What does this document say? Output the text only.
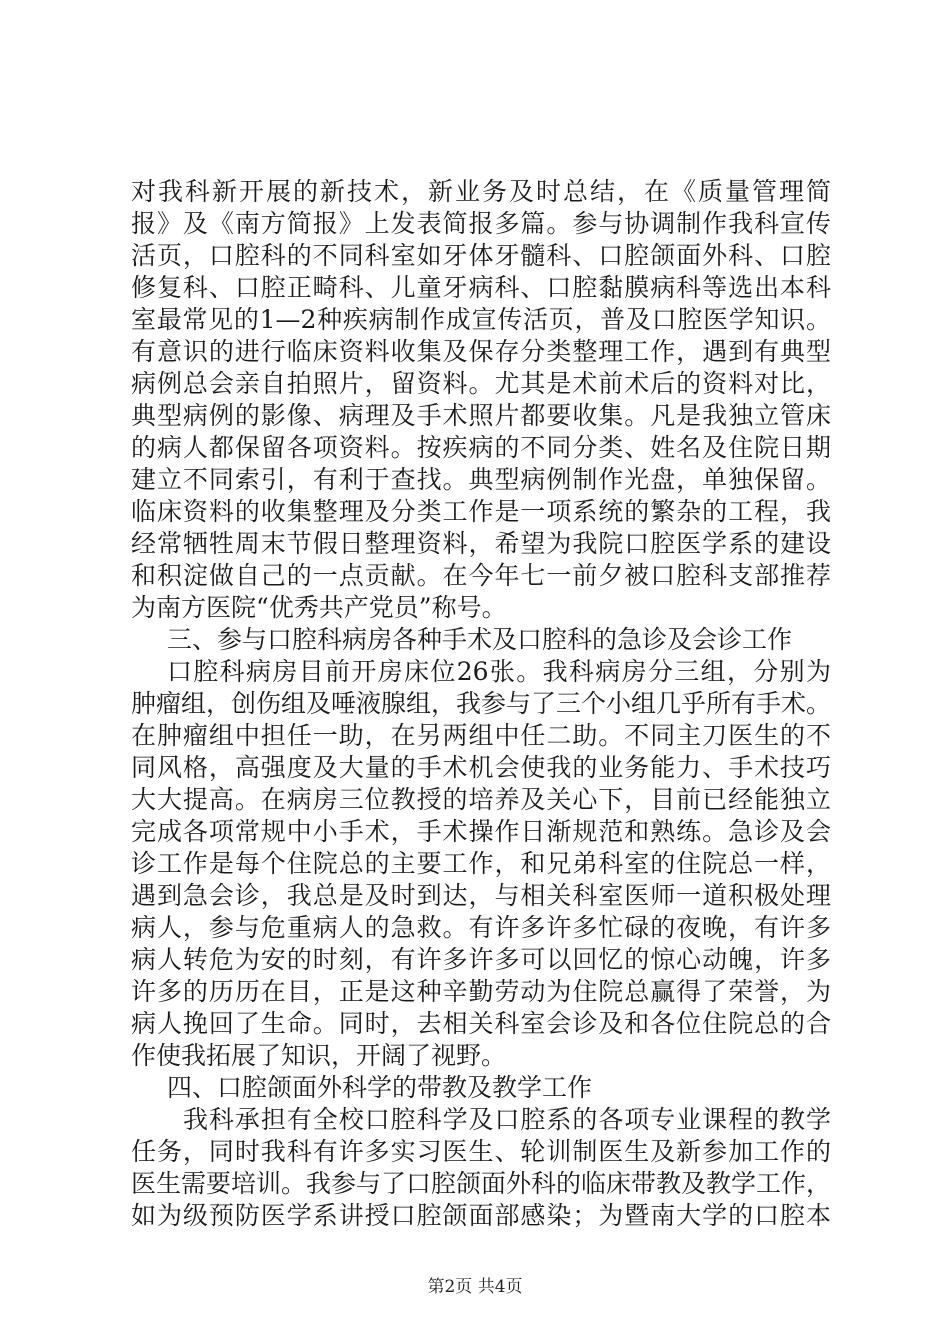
对我科新开展的新技术，新业务及时总结，在《质量管理简
报》及《南方简报》上发表简报多篇。参与协调制作我科宣传
活页，口腔科的不同科室如牙体牙髓科、口腔颌面外科、口腔
修复科、口腔正畸科、儿童牙病科、口腔黏膜病科等选出本科
室最常见的1—2种疾病制作成宣传活页，普及口腔医学知识。
有意识的进行临床资料收集及保存分类整理工作，遇到有典型
病例总会亲自拍照片，留资料。尤其是术前术后的资料对比，
典型病例的影像、病理及手术照片都要收集。凡是我独立管床
的病人都保留各项资料。按疾病的不同分类、姓名及住院日期
建立不同索引，有利于查找。典型病例制作光盘，单独保留。
临床资料的收集整理及分类工作是一项系统的繁杂的工程，我
经常牺牲周末节假日整理资料，希望为我院口腔医学系的建设
和积淀做自己的一点贡献。在今年七一前夕被口腔科支部推荐
为南方医院“优秀共产党员”称号。
三、参与口腔科病房各种手术及口腔科的急诊及会诊工作
口腔科病房目前开房床位26张。我科病房分三组，分别为
肿瘤组，创伤组及唾液腺组，我参与了三个小组几乎所有手术。
在肿瘤组中担任一助，在另两组中任二助。不同主刀医生的不
同风格，高强度及大量的手术机会使我的业务能力、手术技巧
大大提高。在病房三位教授的培养及关心下，目前已经能独立
完成各项常规中小手术，手术操作日渐规范和熟练。急诊及会
诊工作是每个住院总的主要工作，和兄弟科室的住院总一样，
遇到急会诊，我总是及时到达，与相关科室医师一道积极处理
病人，参与危重病人的急救。有许多许多忙碌的夜晚，有许多
病人转危为安的时刻，有许多许多可以回忆的惊心动魄，许多
许多的历历在目，正是这种辛勤劳动为住院总赢得了荣誉，为
病人挽回了生命。同时，去相关科室会诊及和各位住院总的合
作使我拓展了知识，开阔了视野。
四、口腔颌面外科学的带教及教学工作
我科承担有全校口腔科学及口腔系的各项专业课程的教学
任务，同时我科有许多实习医生、轮训制医生及新参加工作的
医生需要培训。我参与了口腔颌面外科的临床带教及教学工作，
如为级预防医学系讲授口腔颌面部感染；为暨南大学的口腔本
第2页 共4页
